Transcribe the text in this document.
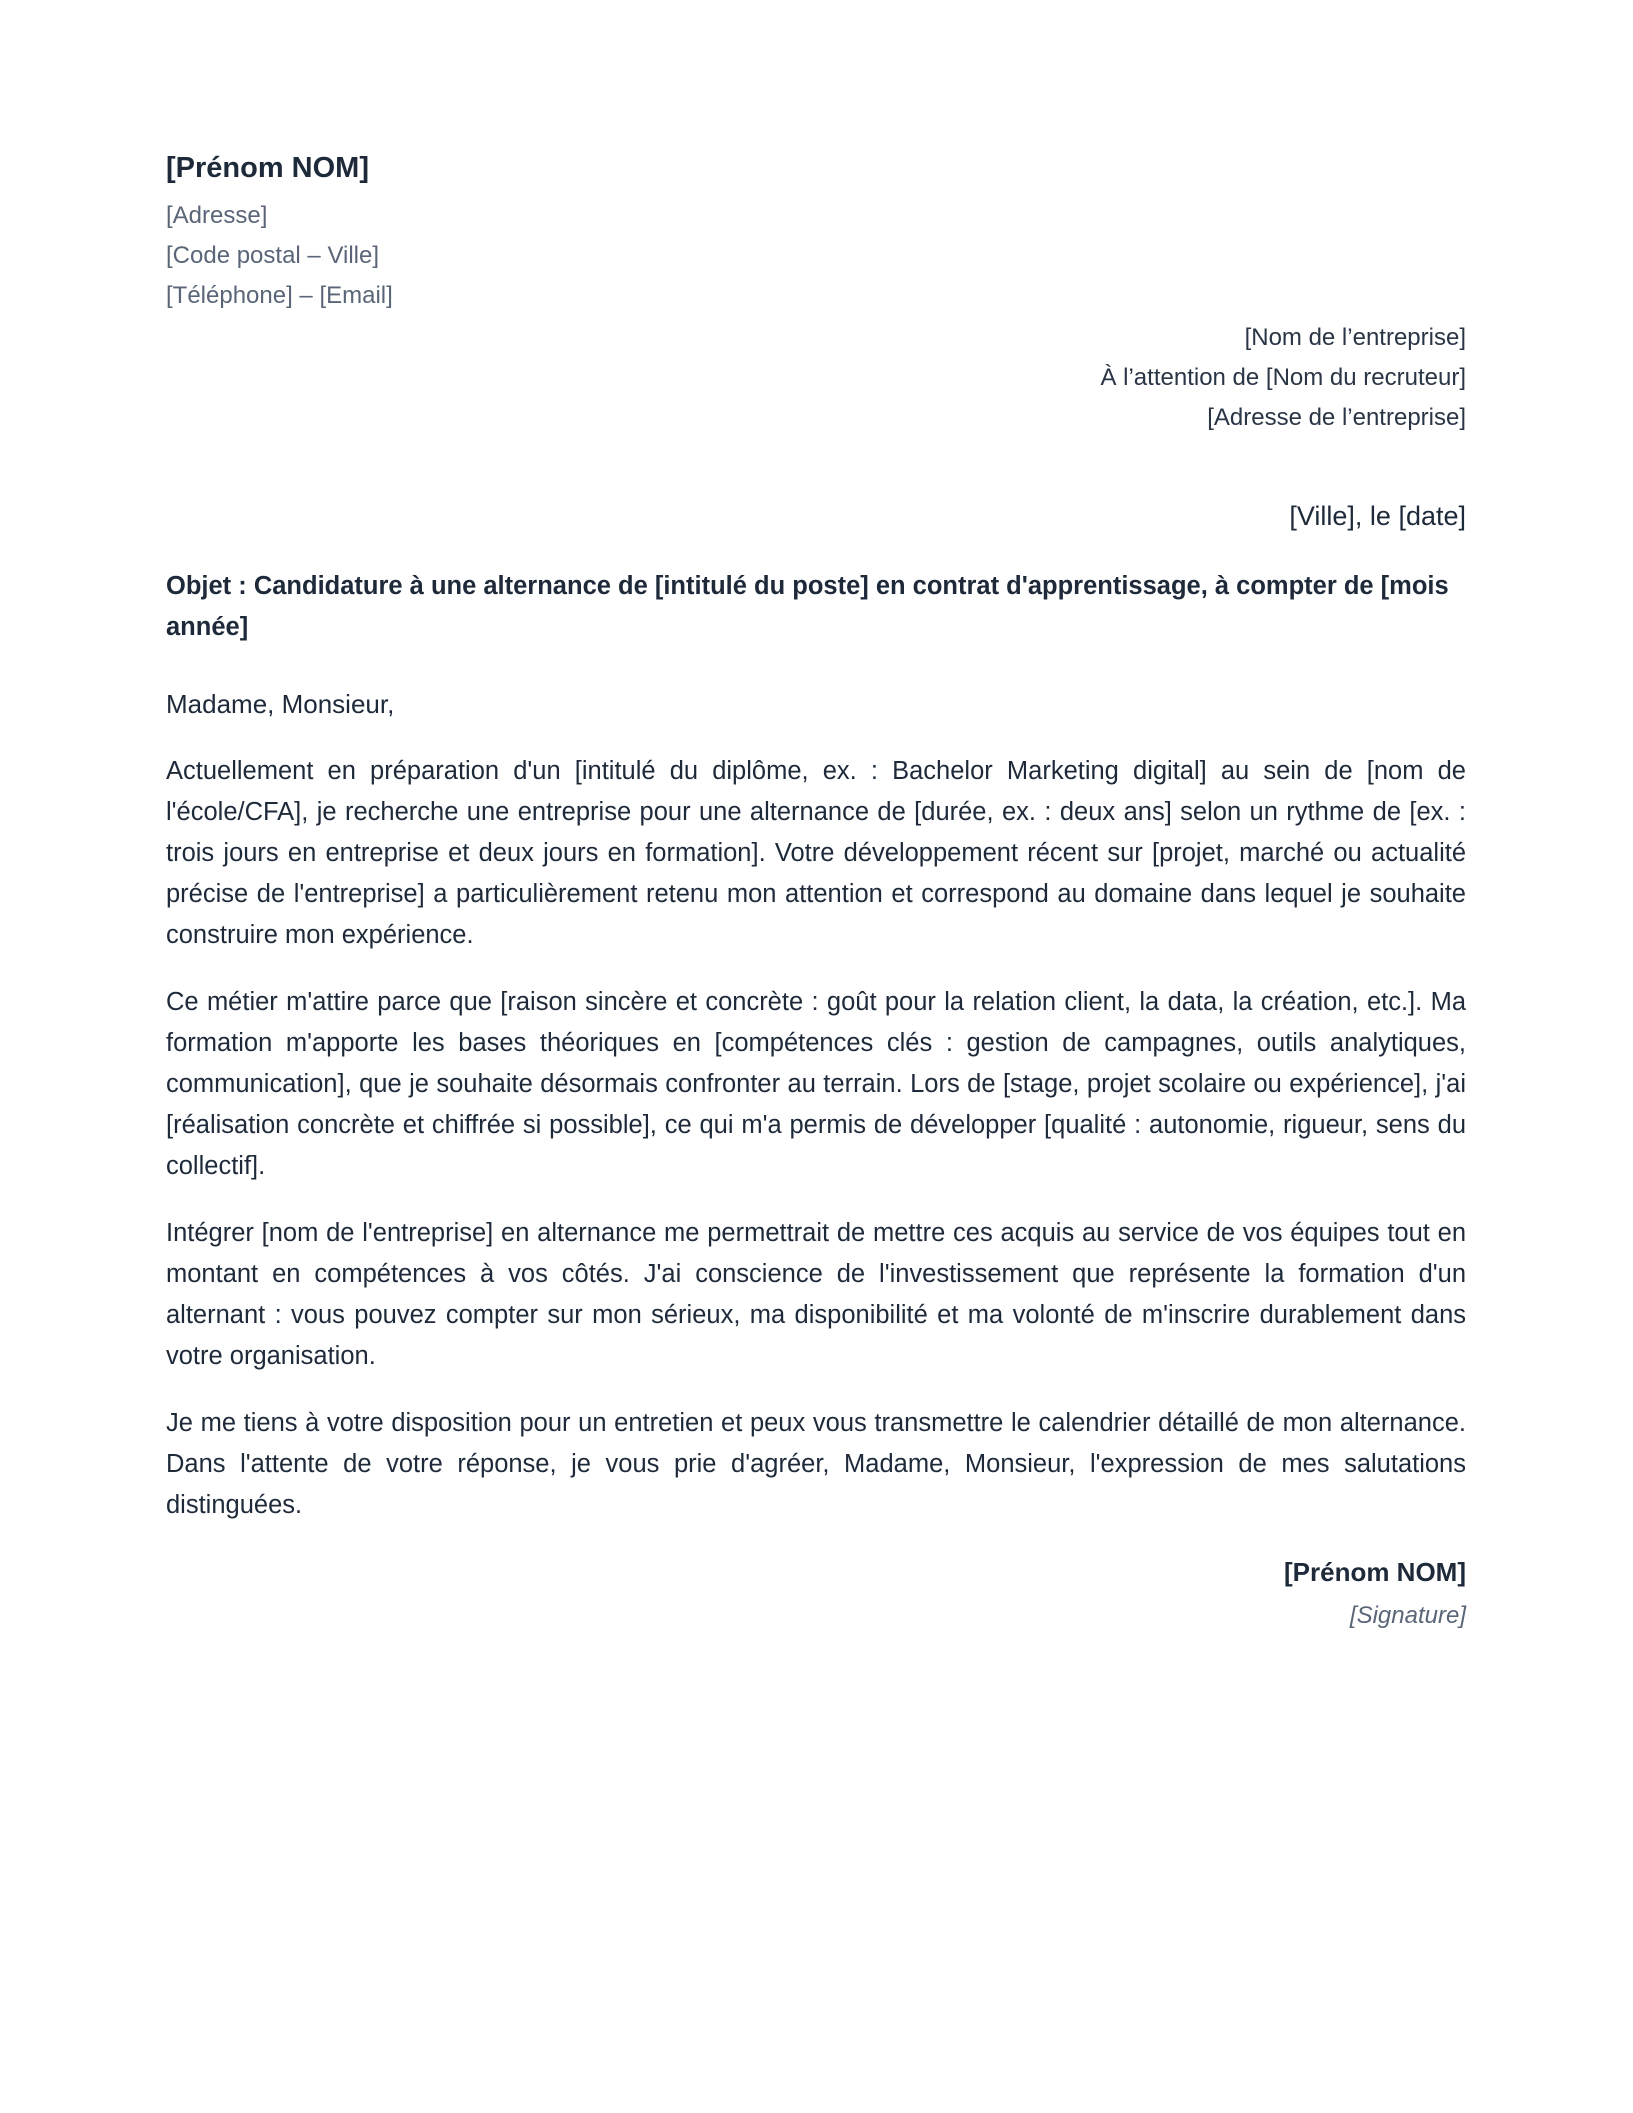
[Prénom NOM]
[Adresse]
[Code postal – Ville]
[Téléphone] – [Email]
[Nom de l’entreprise]
À l’attention de [Nom du recruteur]
[Adresse de l’entreprise]
[Ville], le [date]
Objet : Candidature à une alternance de [intitulé du poste] en contrat d'apprentissage, à compter de [mois année]
Madame, Monsieur,
Actuellement en préparation d'un [intitulé du diplôme, ex. : Bachelor Marketing digital] au sein de [nom de l'école/CFA], je recherche une entreprise pour une alternance de [durée, ex. : deux ans] selon un rythme de [ex. : trois jours en entreprise et deux jours en formation]. Votre développement récent sur [projet, marché ou actualité précise de l'entreprise] a particulièrement retenu mon attention et correspond au domaine dans lequel je souhaite construire mon expérience.
Ce métier m'attire parce que [raison sincère et concrète : goût pour la relation client, la data, la création, etc.]. Ma formation m'apporte les bases théoriques en [compétences clés : gestion de campagnes, outils analytiques, communication], que je souhaite désormais confronter au terrain. Lors de [stage, projet scolaire ou expérience], j'ai [réalisation concrète et chiffrée si possible], ce qui m'a permis de développer [qualité : autonomie, rigueur, sens du collectif].
Intégrer [nom de l'entreprise] en alternance me permettrait de mettre ces acquis au service de vos équipes tout en montant en compétences à vos côtés. J'ai conscience de l'investissement que représente la formation d'un alternant : vous pouvez compter sur mon sérieux, ma disponibilité et ma volonté de m'inscrire durablement dans votre organisation.
Je me tiens à votre disposition pour un entretien et peux vous transmettre le calendrier détaillé de mon alternance. Dans l'attente de votre réponse, je vous prie d'agréer, Madame, Monsieur, l'expression de mes salutations distinguées.
[Prénom NOM]
[Signature]
